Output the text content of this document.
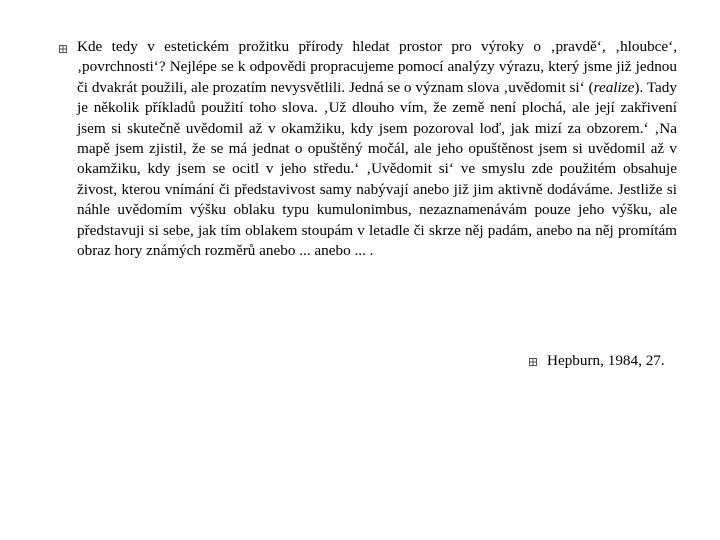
Kde tedy v estetickém prožitku přírody hledat prostor pro výroky o ‚pravdě‘, ‚hloubce‘, ‚povrchnosti‘? Nejlépe se k odpovědi propracujeme pomocí analýzy výrazu, který jsme již jednou či dvakrát použili, ale prozatím nevysvětlili. Jedná se o význam slova ‚uvědomit si‘ (realize). Tady je několik příkladů použití toho slova. ‚Už dlouho vím, že země není plochá, ale její zakřivení jsem si skutečně uvědomil až v okamžiku, kdy jsem pozoroval loď, jak mizí za obzorem.‘ ‚Na mapě jsem zjistil, že se má jednat o opuštěný močál, ale jeho opuštěnost jsem si uvědomil až v okamžiku, kdy jsem se ocitl v jeho středu.‘ ‚Uvědomit si‘ ve smyslu zde použitém obsahuje živost, kterou vnímání či představivost samy nabývají anebo již jim aktivně dodáváme. Jestliže si náhle uvědomím výšku oblaku typu kumulonimbus, nezaznamenávám pouze jeho výšku, ale představuji si sebe, jak tím oblakem stoupám v letadle či skrze něj padám, anebo na něj promítám obraz hory známých rozměrů anebo ... anebo ... .

Hepburn, 1984, 27.
